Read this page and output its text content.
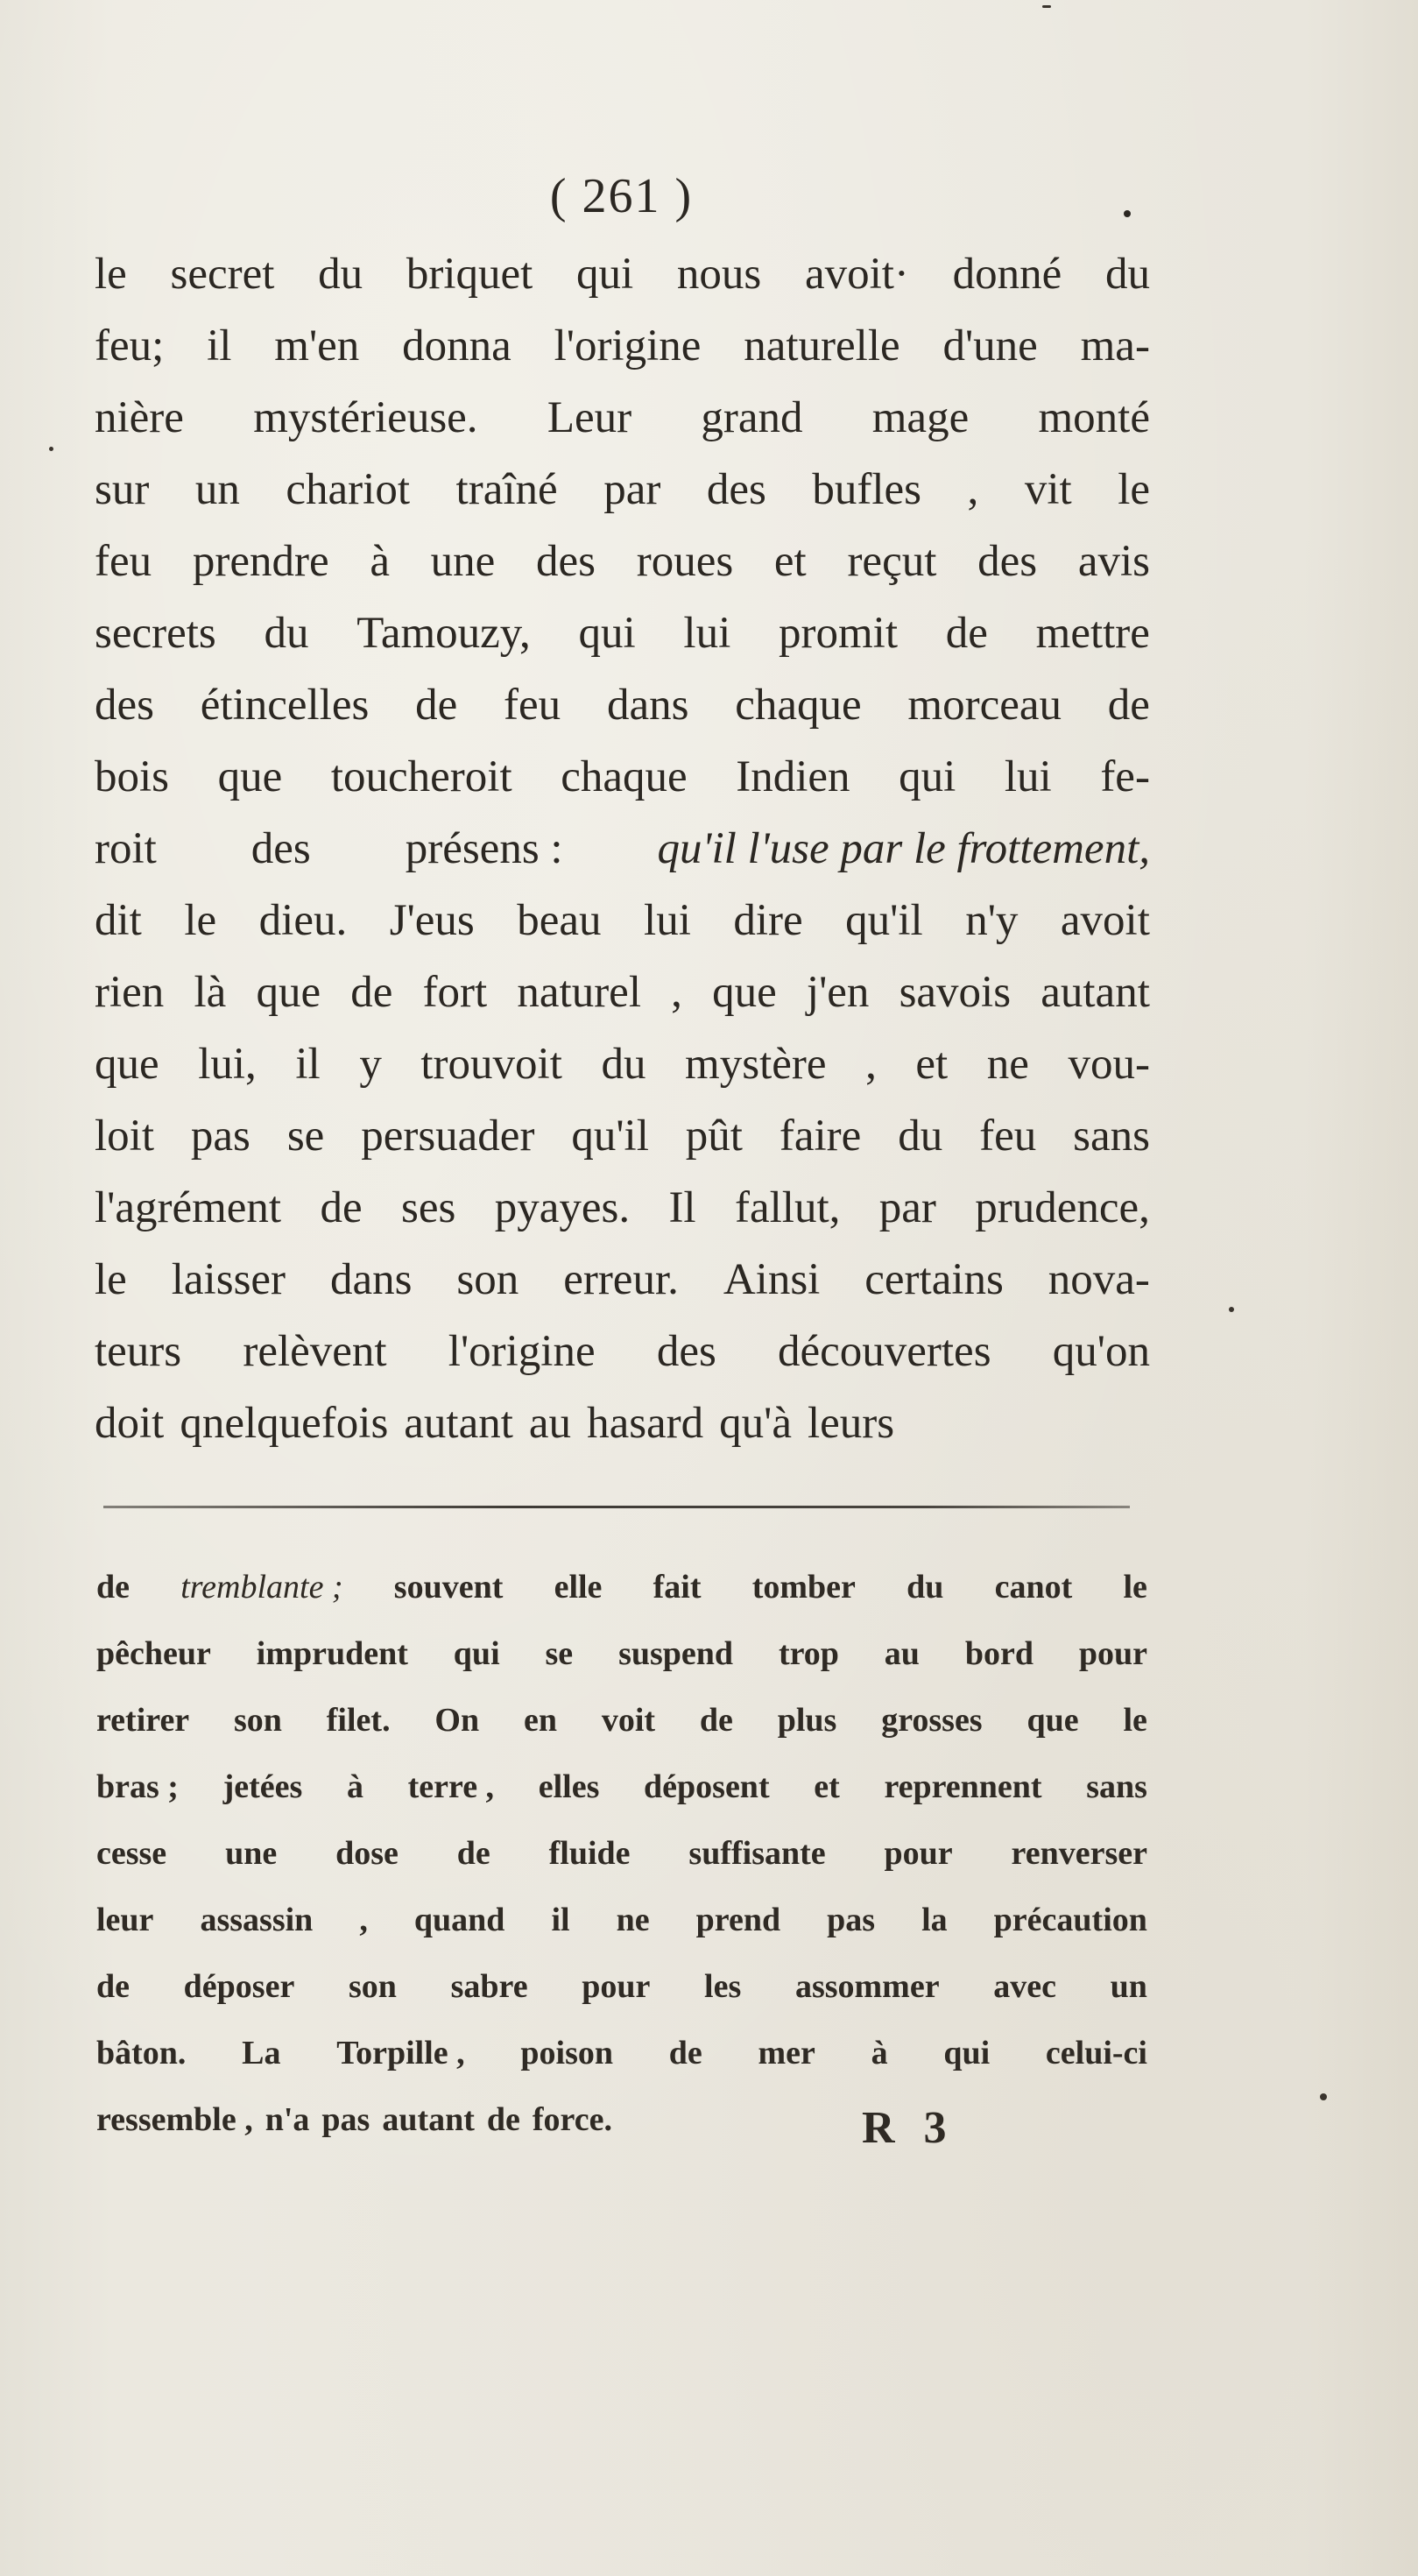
( 261 )
le secret du briquet qui nous avoit· donné du
feu; il m'en donna l'origine naturelle d'une ma-
nière mystérieuse. Leur grand mage monté
sur un chariot traîné par des bufles , vit le
feu prendre à une des roues et reçut des avis
secrets du Tamouzy, qui lui promit de mettre
des étincelles de feu dans chaque morceau de
bois que toucheroit chaque Indien qui lui fe-
roit des présens : qu'il l'use par le frottement,
dit le dieu. J'eus beau lui dire qu'il n'y avoit
rien là que de fort naturel , que j'en savois autant
que lui, il y trouvoit du mystère , et ne vou-
loit pas se persuader qu'il pût faire du feu sans
l'agrément de ses pyayes. Il fallut, par prudence,
le laisser dans son erreur. Ainsi certains nova-
teurs relèvent l'origine des découvertes qu'on
doit qnelquefois autant au hasard qu'à leurs
de tremblante ; souvent elle fait tomber du canot le
pêcheur imprudent qui se suspend trop au bord pour
retirer son filet. On en voit de plus grosses que le
bras ; jetées à terre , elles déposent et reprennent sans
cesse une dose de fluide suffisante pour renverser
leur assassin , quand il ne prend pas la précaution
de déposer son sabre pour les assommer avec un
bâton. La Torpille , poison de mer à qui celui-ci
ressemble , n'a pas autant de force.	R 3
